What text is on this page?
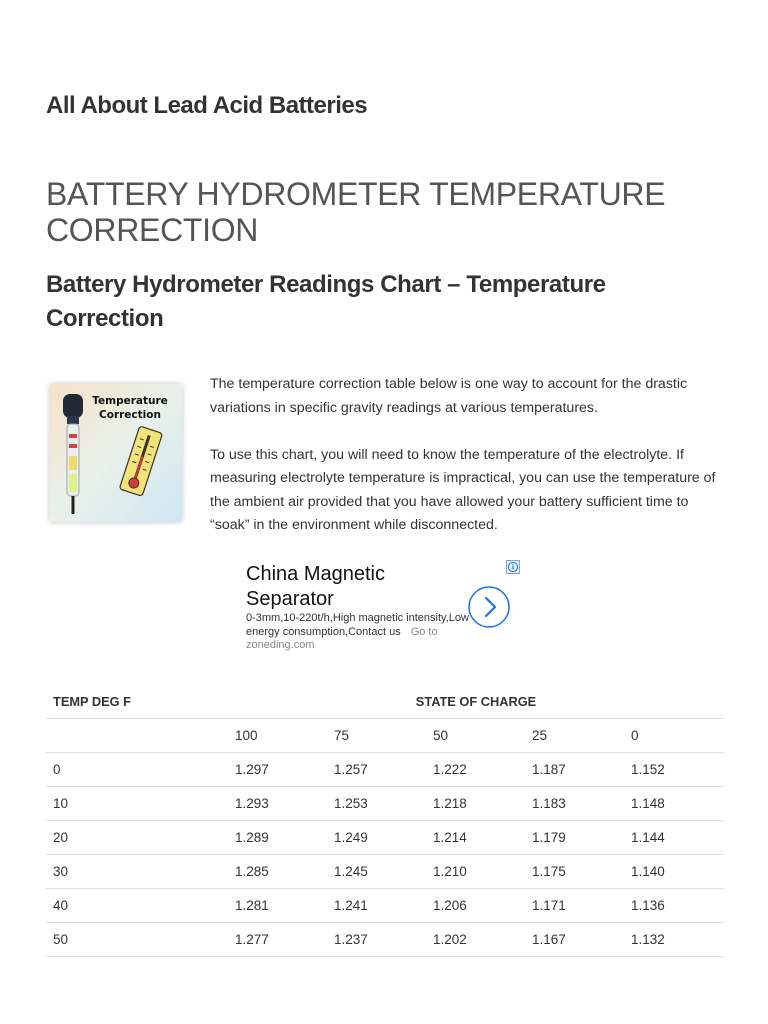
All About Lead Acid Batteries
BATTERY HYDROMETER TEMPERATURE CORRECTION
Battery Hydrometer Readings Chart – Temperature Correction
Temperature
Correction

The temperature correction table below is one way to account for the drastic variations in specific gravity readings at various temperatures.

To use this chart, you will need to know the temperature of the electrolyte. If measuring electrolyte temperature is impractical, you can use the temperature of the ambient air provided that you have allowed your battery sufficient time to “soak” in the environment while disconnected.

China Magnetic Separator
0-3mm,10-220t/h,High magnetic intensity,Low energy consumption,Contact us Go to zoneding.com
TEMP DEG F	STATE OF CHARGE				
	100	75	50	25	0
0	1.297	1.257	1.222	1.187	1.152
10	1.293	1.253	1.218	1.183	1.148
20	1.289	1.249	1.214	1.179	1.144
30	1.285	1.245	1.210	1.175	1.140
40	1.281	1.241	1.206	1.171	1.136
50	1.277	1.237	1.202	1.167	1.132
